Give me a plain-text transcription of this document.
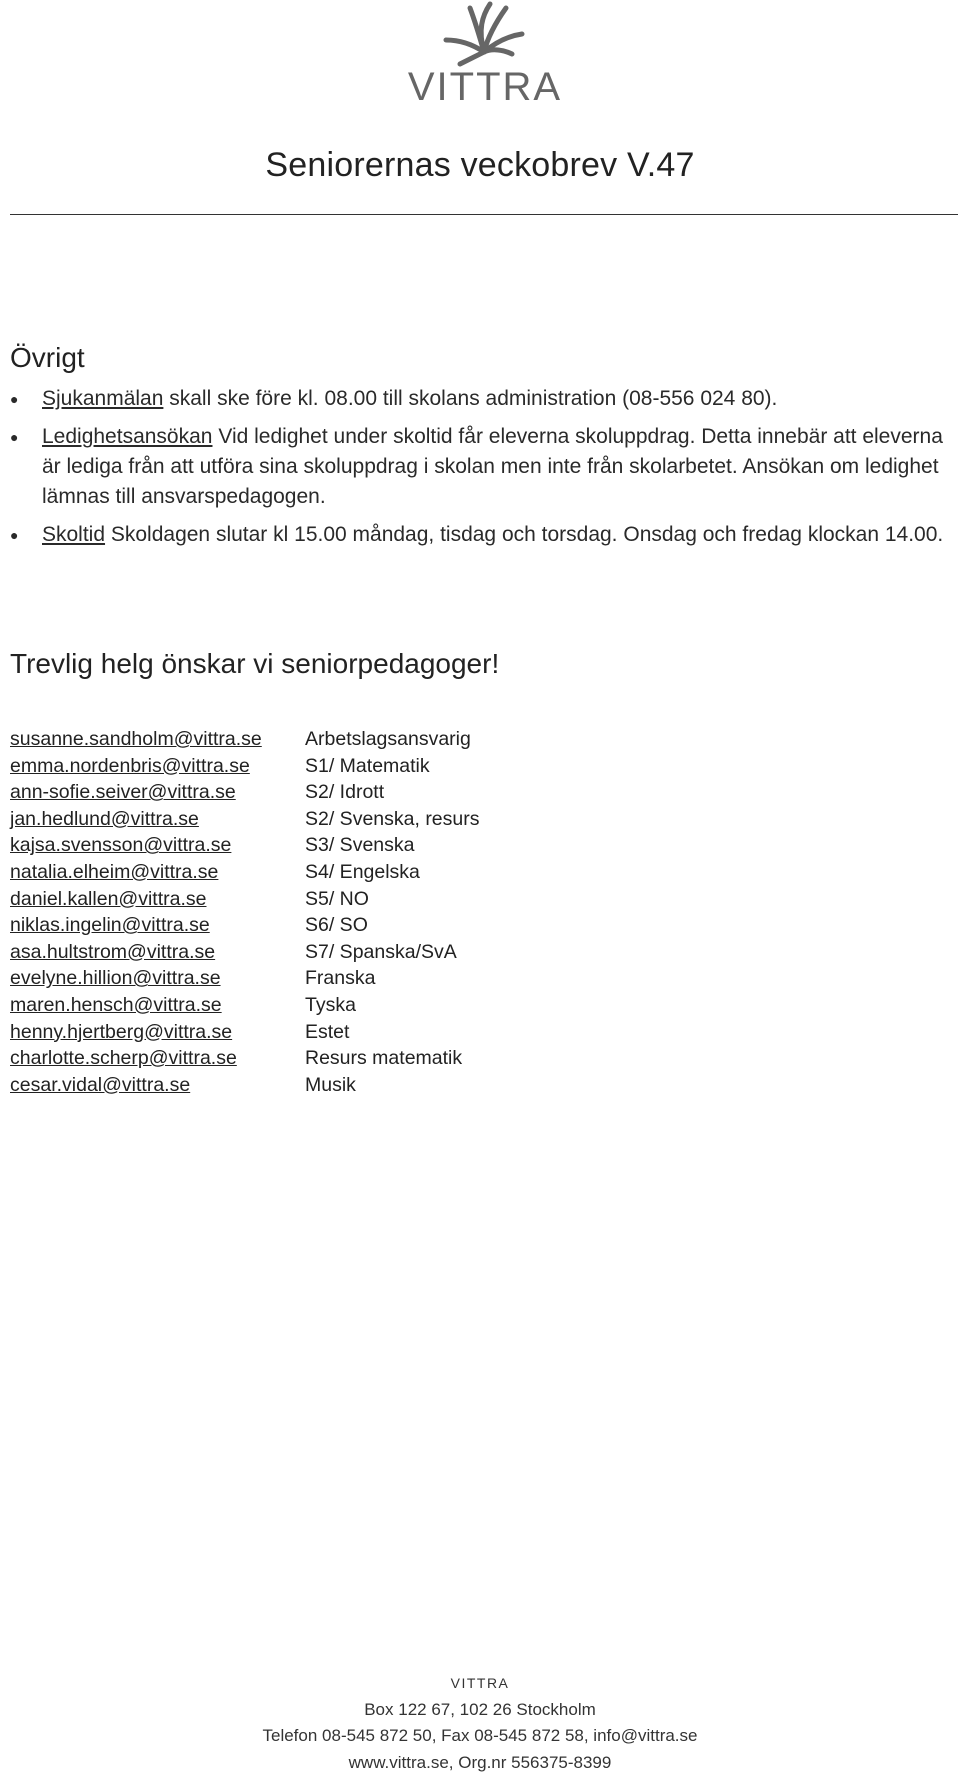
VITTRA
Seniorernas veckobrev V.47
Övrigt
● Sjukanmälan skall ske före kl. 08.00 till skolans administration (08-556 024 80).
● Ledighetsansökan Vid ledighet under skoltid får eleverna skoluppdrag. Detta innebär att eleverna är lediga från att utföra sina skoluppdrag i skolan men inte från skolarbetet. Ansökan om ledighet lämnas till ansvarspedagogen.
● Skoltid Skoldagen slutar kl 15.00 måndag, tisdag och torsdag. Onsdag och fredag klockan 14.00.
Trevlig helg önskar vi seniorpedagoger!
susanne.sandholm@vittra.se	Arbetslagsansvarig
emma.nordenbris@vittra.se	S1/ Matematik
ann-sofie.seiver@vittra.se	S2/ Idrott
jan.hedlund@vittra.se	S2/ Svenska, resurs
kajsa.svensson@vittra.se	S3/ Svenska
natalia.elheim@vittra.se	S4/ Engelska
daniel.kallen@vittra.se	S5/ NO
niklas.ingelin@vittra.se	S6/ SO
asa.hultstrom@vittra.se	S7/ Spanska/SvA
evelyne.hillion@vittra.se	Franska
maren.hensch@vittra.se	Tyska
henny.hjertberg@vittra.se	Estet
charlotte.scherp@vittra.se	Resurs matematik
cesar.vidal@vittra.se	Musik
VITTRA
Box 122 67, 102 26 Stockholm
Telefon 08-545 872 50, Fax 08-545 872 58, info@vittra.se
www.vittra.se, Org.nr 556375-8399
